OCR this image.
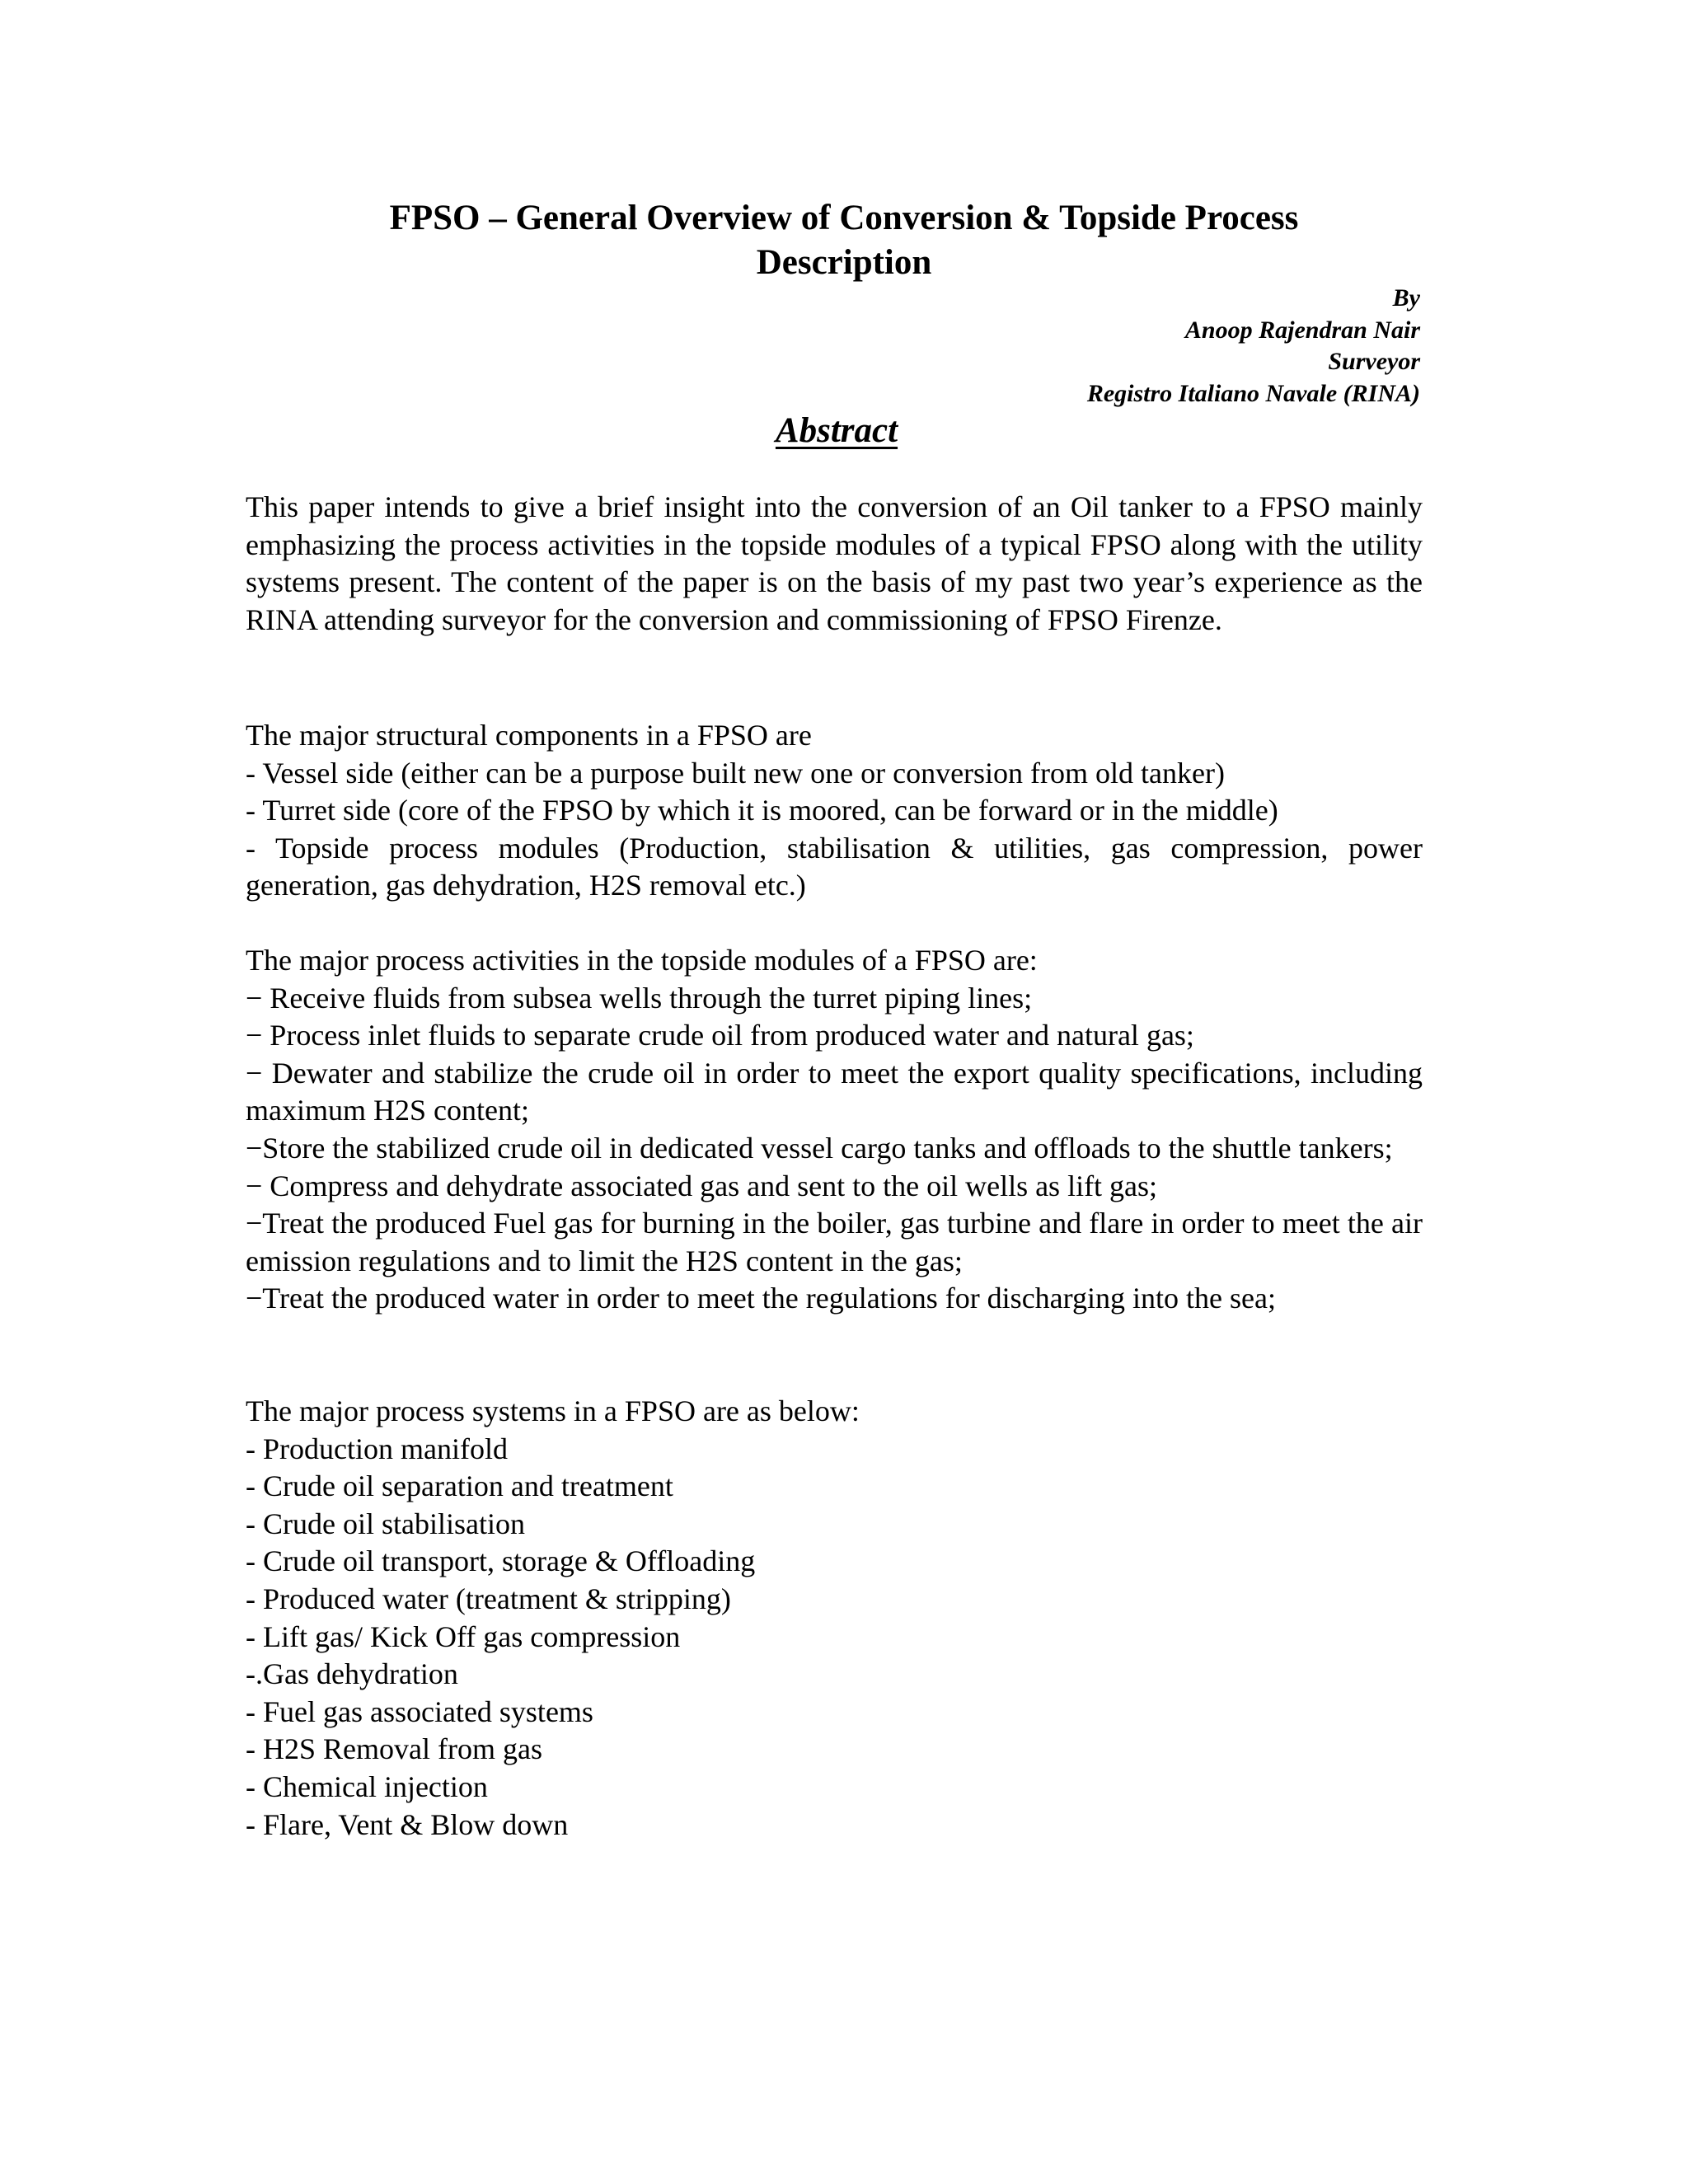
FPSO – General Overview of Conversion & Topside Process
Description
By
Anoop Rajendran Nair
Surveyor
Registro Italiano Navale (RINA)
Abstract
This paper intends to give a brief insight into the conversion of an Oil tanker to a FPSO mainly emphasizing the process activities in the topside modules of a typical FPSO along with the utility systems present. The content of the paper is on the basis of my past two year’s experience as the RINA attending surveyor for the conversion and commissioning of FPSO Firenze.
The major structural components in a FPSO are
- Vessel side (either can be a purpose built new one or conversion from old tanker)
- Turret side (core of the FPSO by which it is moored, can be forward or in the middle)
- Topside process modules (Production, stabilisation & utilities, gas compression, power generation, gas dehydration, H2S removal etc.)
The major process activities in the topside modules of a FPSO are:
− Receive fluids from subsea wells through the turret piping lines;
− Process inlet fluids to separate crude oil from produced water and natural gas;
− Dewater and stabilize the crude oil in order to meet the export quality specifications, including maximum H2S content;
−Store the stabilized crude oil in dedicated vessel cargo tanks and offloads to the shuttle tankers;
− Compress and dehydrate associated gas and sent to the oil wells as lift gas;
−Treat the produced Fuel gas for burning in the boiler, gas turbine and flare in order to meet the air emission regulations and to limit the H2S content in the gas;
−Treat the produced water in order to meet the regulations for discharging into the sea;
The major process systems in a FPSO are as below:
- Production manifold
- Crude oil separation and treatment
- Crude oil stabilisation
- Crude oil transport, storage & Offloading
- Produced water (treatment & stripping)
- Lift gas/ Kick Off gas compression
-.Gas dehydration
- Fuel gas associated systems
- H2S Removal from gas
- Chemical injection
- Flare, Vent & Blow down
